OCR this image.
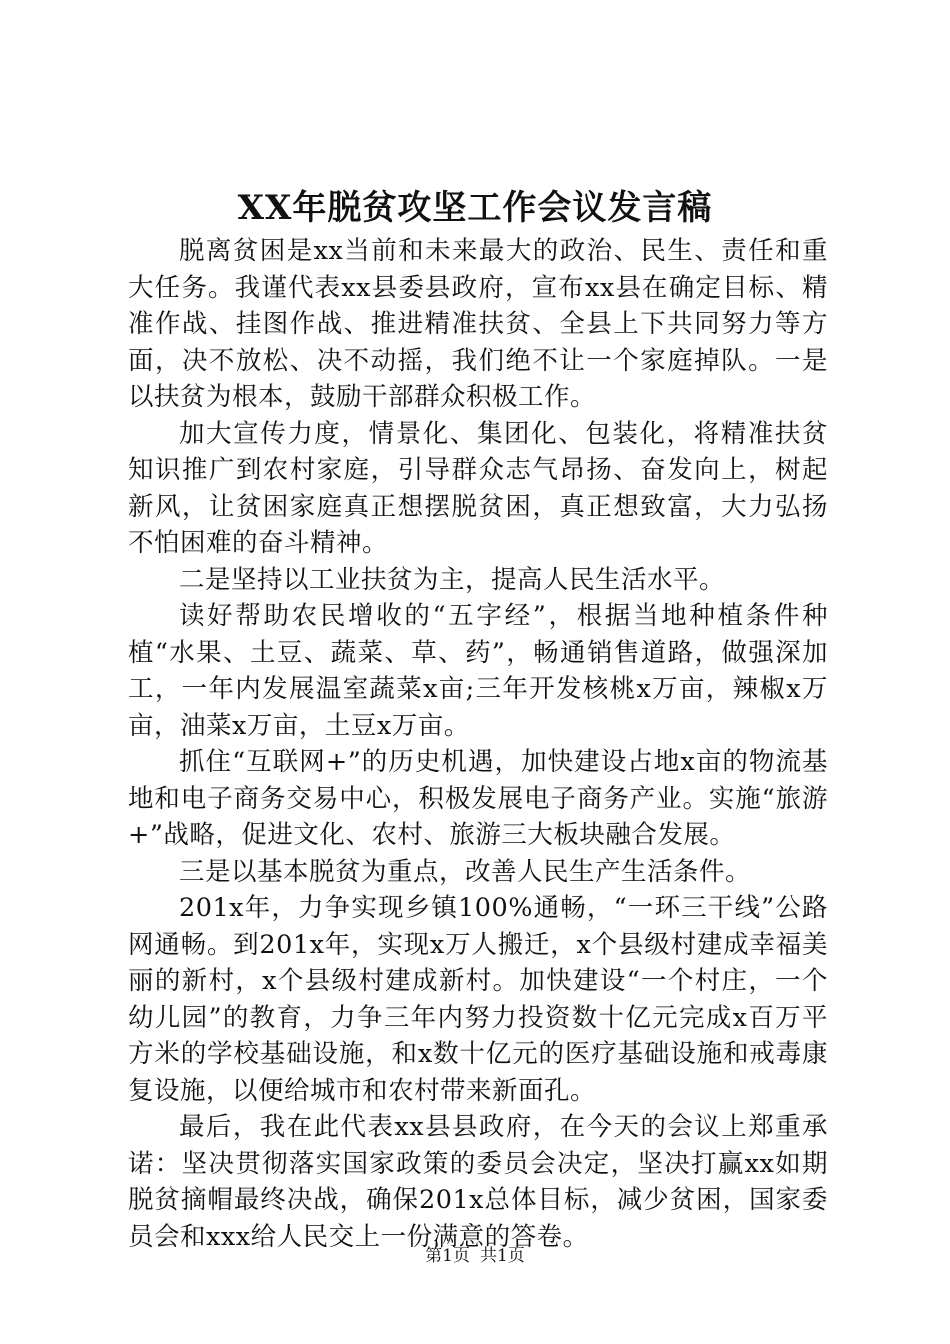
XX年脱贫攻坚工作会议发言稿

脱离贫困是xx当前和未来最大的政治、民生、责任和重大任务。我谨代表xx县委县政府，宣布xx县在确定目标、精准作战、挂图作战、推进精准扶贫、全县上下共同努力等方面，决不放松、决不动摇，我们绝不让一个家庭掉队。一是以扶贫为根本，鼓励干部群众积极工作。

加大宣传力度，情景化、集团化、包装化，将精准扶贫知识推广到农村家庭，引导群众志气昂扬、奋发向上，树起新风，让贫困家庭真正想摆脱贫困，真正想致富，大力弘扬不怕困难的奋斗精神。

二是坚持以工业扶贫为主，提高人民生活水平。

读好帮助农民增收的“五字经”，根据当地种植条件种植“水果、土豆、蔬菜、草、药”，畅通销售道路，做强深加工，一年内发展温室蔬菜x亩;三年开发核桃x万亩，辣椒x万亩，油菜x万亩，土豆x万亩。

抓住“互联网+”的历史机遇，加快建设占地x亩的物流基地和电子商务交易中心，积极发展电子商务产业。实施“旅游+”战略，促进文化、农村、旅游三大板块融合发展。

三是以基本脱贫为重点，改善人民生产生活条件。

201x年，力争实现乡镇100%通畅，“一环三干线”公路网通畅。到201x年，实现x万人搬迁，x个县级村建成幸福美丽的新村，x个县级村建成新村。加快建设“一个村庄，一个幼儿园”的教育，力争三年内努力投资数十亿元完成x百万平方米的学校基础设施，和x数十亿元的医疗基础设施和戒毒康复设施，以便给城市和农村带来新面孔。

最后，我在此代表xx县县政府，在今天的会议上郑重承诺：坚决贯彻落实国家政策的委员会决定，坚决打赢xx如期脱贫摘帽最终决战，确保201x总体目标，减少贫困，国家委员会和xxx给人民交上一份满意的答卷。

第1页 共1页
